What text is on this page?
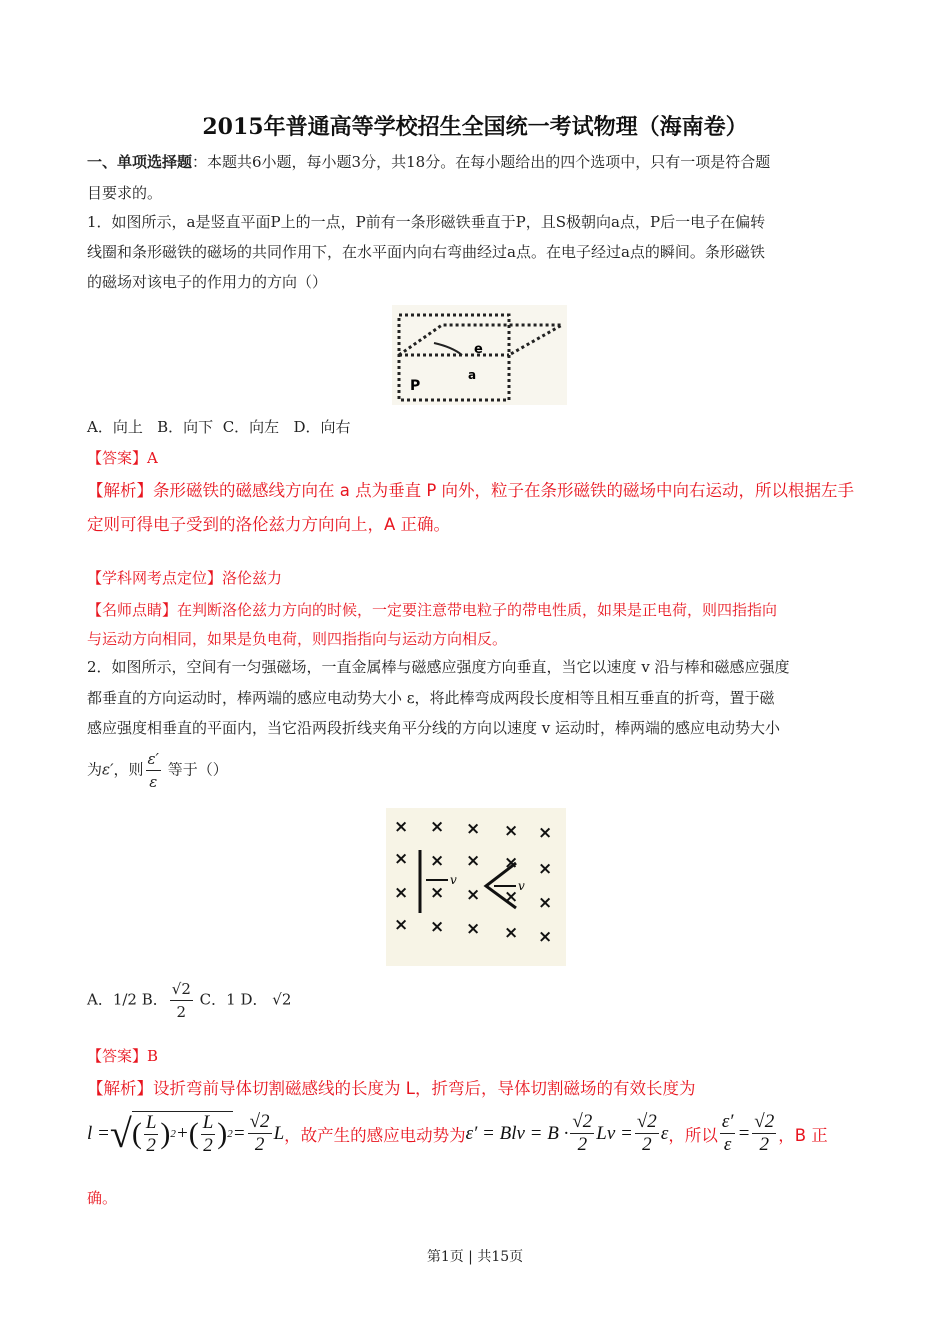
2015年普通高等学校招生全国统一考试物理（海南卷）
一、单项选择题：本题共6小题，每小题3分，共18分。在每小题给出的四个选项中，只有一项是符合题
目要求的。
1．如图所示，a是竖直平面P上的一点，P前有一条形磁铁垂直于P，且S极朝向a点，P后一电子在偏转
线圈和条形磁铁的磁场的共同作用下，在水平面内向右弯曲经过a点。在电子经过a点的瞬间。条形磁铁
的磁场对该电子的作用力的方向（）
P
a
e
A．向上   B．向下  C．向左   D．向右
【答案】A
【解析】条形磁铁的磁感线方向在 a 点为垂直 P 向外，粒子在条形磁铁的磁场中向右运动，所以根据左手
定则可得电子受到的洛伦兹力方向向上，A 正确。
【学科网考点定位】洛伦兹力
【名师点睛】在判断洛伦兹力方向的时候，一定要注意带电粒子的带电性质，如果是正电荷，则四指指向
与运动方向相同，如果是负电荷，则四指指向与运动方向相反。
2．如图所示，空间有一匀强磁场，一直金属棒与磁感应强度方向垂直，当它以速度 v 沿与棒和磁感应强度
都垂直的方向运动时，棒两端的感应电动势大小 ε，将此棒弯成两段长度相等且相互垂直的折弯，置于磁
感应强度相垂直的平面内，当它沿两段折线夹角平分线的方向以速度 v 运动时，棒两端的感应电动势大小
为ε′，则 $\frac{\varepsilon'}{\varepsilon}$ 等于（）
× × × × ×
× × × × ×
× × × × ×
× × × × ×
v	v
A．1/2 B． $\frac{√2}{2}$ C．1 D． √2
【答案】B
【解析】设折弯前导体切割磁感线的长度为 L，折弯后，导体切割磁场的有效长度为
l = √ ( $\frac{L}{2}$ ) 2 + ( $\frac{L}{2}$ ) $2 = \frac{√2}{2}$ L ，故产生的感应电动势为 ε′ = Blv = $B \cdot \frac{√2}{2}$ $Lv = \frac{√2}{2}$ ε ，所以 $\frac{\varepsilon'}{\varepsilon} = \frac{√2}{2}$ ，B 正
确。
第1页 | 共15页
